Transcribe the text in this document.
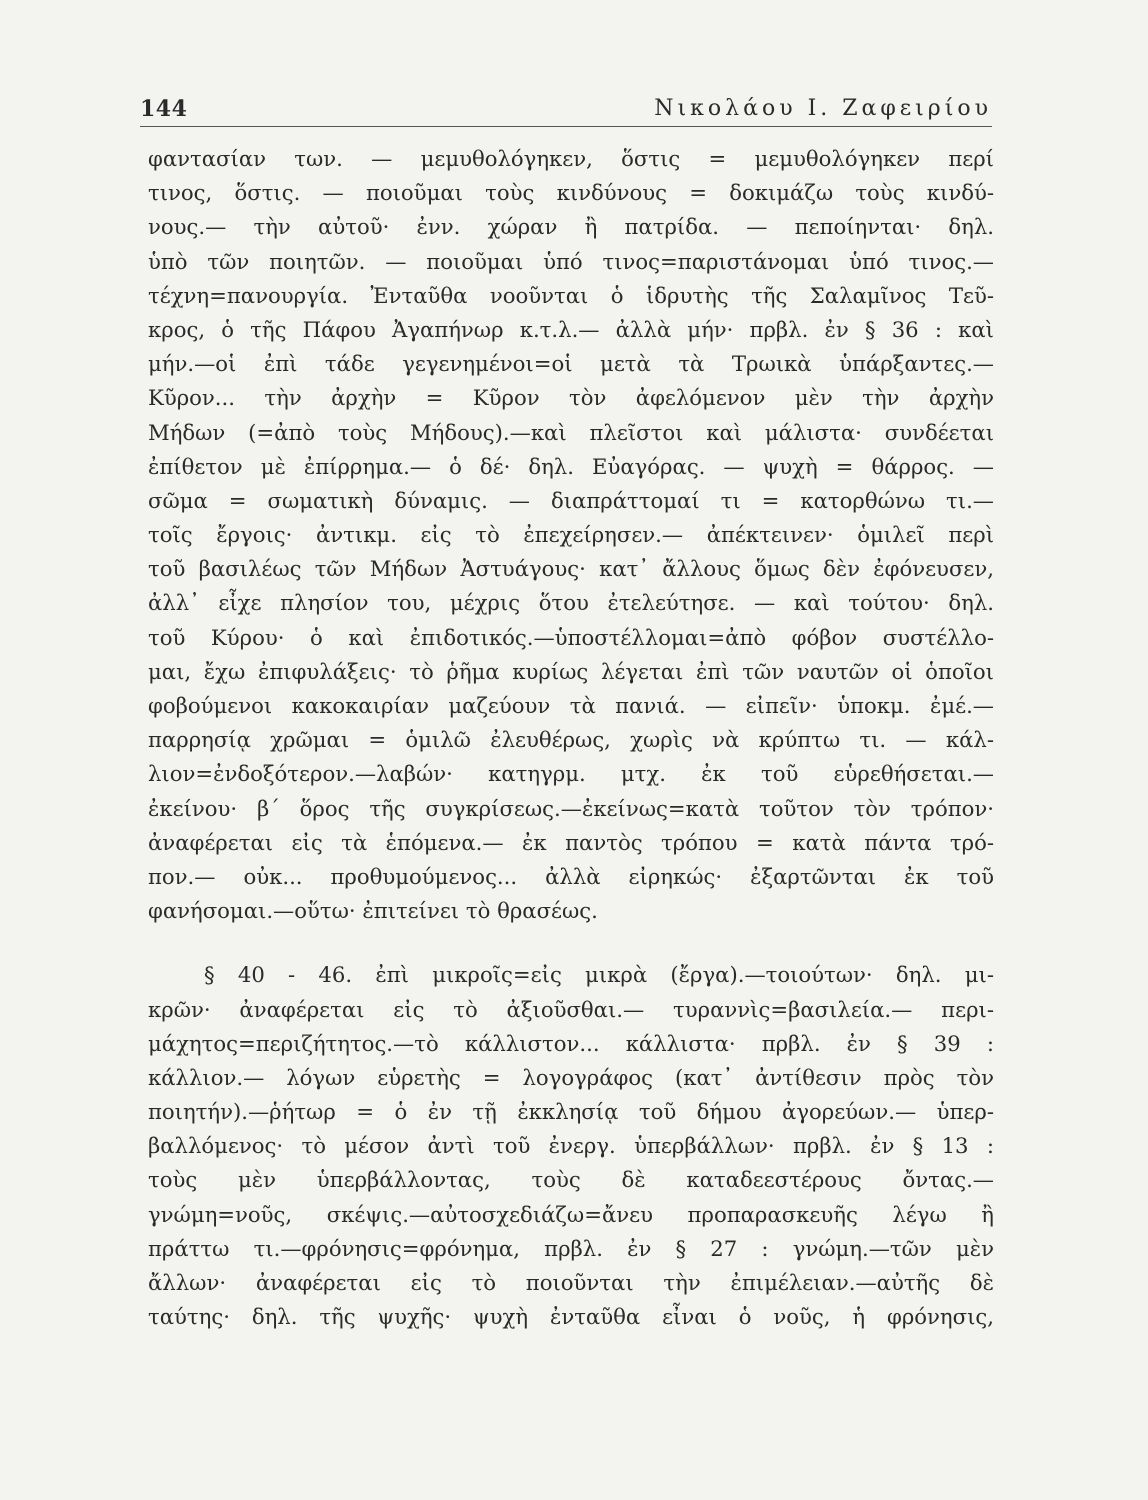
144	Νικολάου Ι. Ζαφειρίου
φαντασίαν των. — μεμυθολόγηκεν, ὅστις = μεμυθολόγηκεν περί
τινος, ὅστις. — ποιοῦμαι τοὺς κινδύνους = δοκιμάζω τοὺς κινδύ-
νους.— τὴν αὐτοῦ· ἐνν. χώραν ἢ πατρίδα. — πεποίηνται· δηλ.
ὑπὸ τῶν ποιητῶν. — ποιοῦμαι ὑπό τινος=παριστάνομαι ὑπό τινος.—
τέχνη=πανουργία. Ἐνταῦθα νοοῦνται ὁ ἱδρυτὴς τῆς Σαλαμῖνος Τεῦ-
κρος, ὁ τῆς Πάφου Ἀγαπήνωρ κ.τ.λ.— ἀλλὰ μήν· πρβλ. ἐν § 36 : καὶ
μήν.—οἱ ἐπὶ τάδε γεγενημένοι=οἱ μετὰ τὰ Τρωικὰ ὑπάρξαντες.—
Κῦρον... τὴν ἀρχὴν = Κῦρον τὸν ἀφελόμενον μὲν τὴν ἀρχὴν
Μήδων (=ἀπὸ τοὺς Μήδους).—καὶ πλεῖστοι καὶ μάλιστα· συνδέεται
ἐπίθετον μὲ ἐπίρρημα.— ὁ δέ· δηλ. Εὐαγόρας. — ψυχὴ = θάρρος. —
σῶμα = σωματικὴ δύναμις. — διαπράττομαί τι = κατορθώνω τι.—
τοῖς ἔργοις· ἀντικμ. εἰς τὸ ἐπεχείρησεν.— ἀπέκτεινεν· ὁμιλεῖ περὶ
τοῦ βασιλέως τῶν Μήδων Ἀστυάγους· κατ᾽ ἄλλους ὅμως δὲν ἐφόνευσεν,
ἀλλ᾽ εἶχε πλησίον του, μέχρις ὅτου ἐτελεύτησε. — καὶ τούτου· δηλ.
τοῦ Κύρου· ὁ καὶ ἐπιδοτικός.—ὑποστέλλομαι=ἀπὸ φόβον συστέλλο-
μαι, ἔχω ἐπιφυλάξεις· τὸ ῥῆμα κυρίως λέγεται ἐπὶ τῶν ναυτῶν οἱ ὁποῖοι
φοβούμενοι κακοκαιρίαν μαζεύουν τὰ πανιά. — εἰπεῖν· ὑποκμ. ἐμέ.—
παρρησίᾳ χρῶμαι = ὁμιλῶ ἐλευθέρως, χωρὶς νὰ κρύπτω τι. — κάλ-
λιον=ἐνδοξότερον.—λαβών· κατηγρμ. μτχ. ἐκ τοῦ εὑρεθήσεται.—
ἐκείνου· β΄ ὅρος τῆς συγκρίσεως.—ἐκείνως=κατὰ τοῦτον τὸν τρόπον·
ἀναφέρεται εἰς τὰ ἑπόμενα.— ἐκ παντὸς τρόπου = κατὰ πάντα τρό-
πον.— οὐκ... προθυμούμενος... ἀλλὰ εἰρηκώς· ἐξαρτῶνται ἐκ τοῦ
φανήσομαι.—οὕτω· ἐπιτείνει τὸ θρασέως.
§ 40 - 46. ἐπὶ μικροῖς=εἰς μικρὰ (ἔργα).—τοιούτων· δηλ. μι-
κρῶν· ἀναφέρεται εἰς τὸ ἀξιοῦσθαι.— τυραννὶς=βασιλεία.— περι-
μάχητος=περιζήτητος.—τὸ κάλλιστον... κάλλιστα· πρβλ. ἐν § 39 :
κάλλιον.— λόγων εὑρετὴς = λογογράφος (κατ᾽ ἀντίθεσιν πρὸς τὸν
ποιητήν).—ῥήτωρ = ὁ ἐν τῇ ἐκκλησίᾳ τοῦ δήμου ἀγορεύων.— ὑπερ-
βαλλόμενος· τὸ μέσον ἀντὶ τοῦ ἐνεργ. ὑπερβάλλων· πρβλ. ἐν § 13 :
τοὺς μὲν ὑπερβάλλοντας, τοὺς δὲ καταδεεστέρους ὄντας.—
γνώμη=νοῦς, σκέψις.—αὐτοσχεδιάζω=ἄνευ προπαρασκευῆς λέγω ἢ
πράττω τι.—φρόνησις=φρόνημα, πρβλ. ἐν § 27 : γνώμη.—τῶν μὲν
ἄλλων· ἀναφέρεται εἰς τὸ ποιοῦνται τὴν ἐπιμέλειαν.—αὐτῆς δὲ
ταύτης· δηλ. τῆς ψυχῆς· ψυχὴ ἐνταῦθα εἶναι ὁ νοῦς, ἡ φρόνησις,
